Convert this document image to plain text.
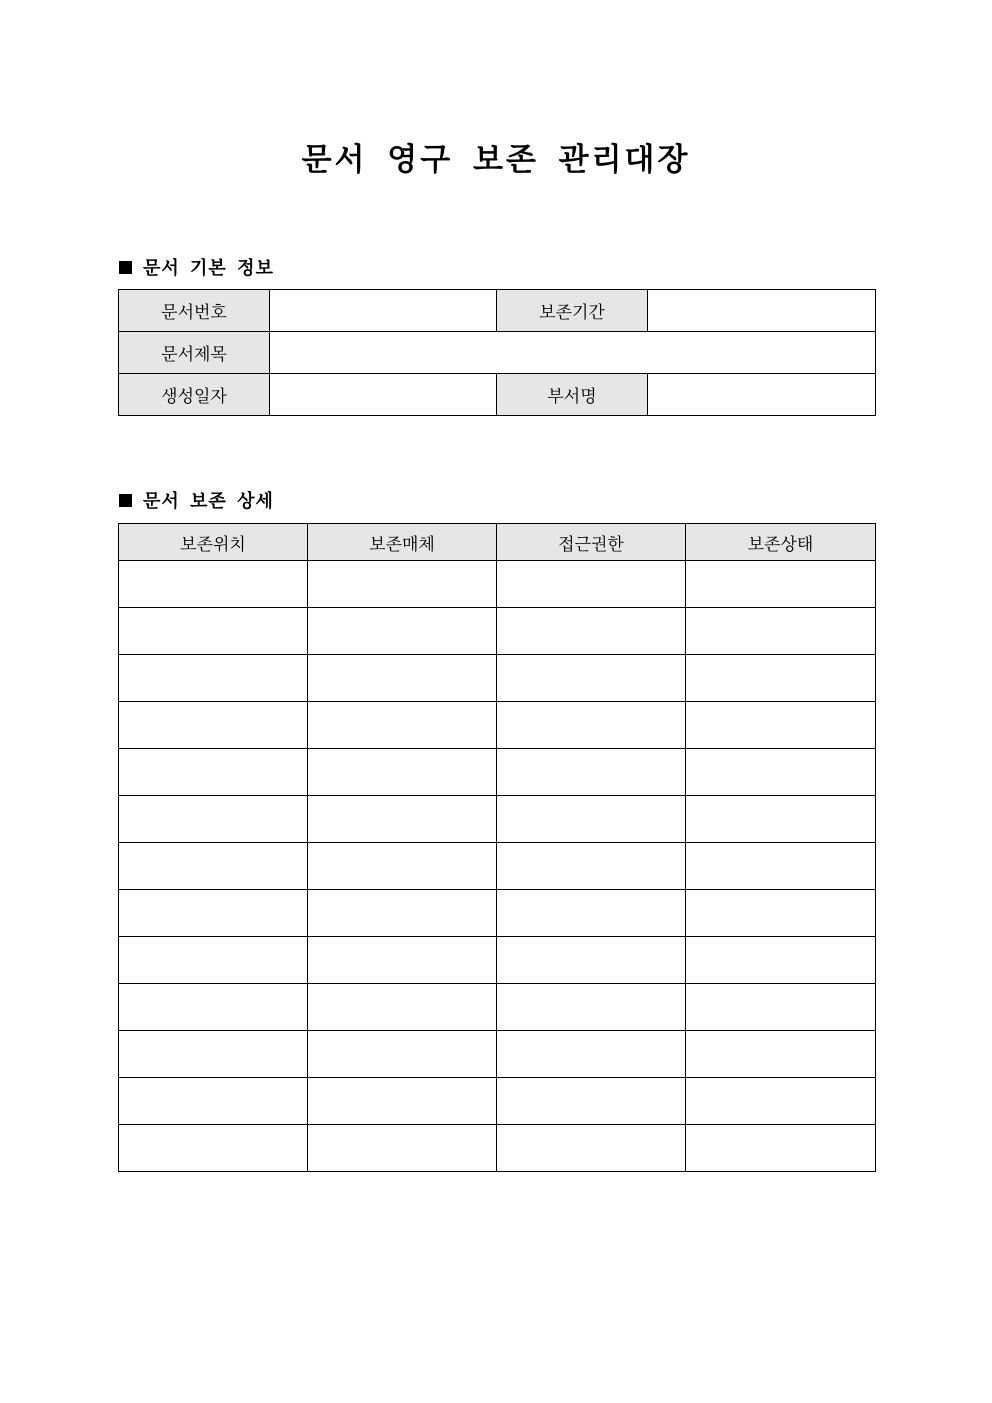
문서 영구 보존 관리대장
문서 기본 정보
문서번호		보존기간	
문서제목			
생성일자		부서명	
문서 보존 상세
보존위치	보존매체	접근권한	보존상태
